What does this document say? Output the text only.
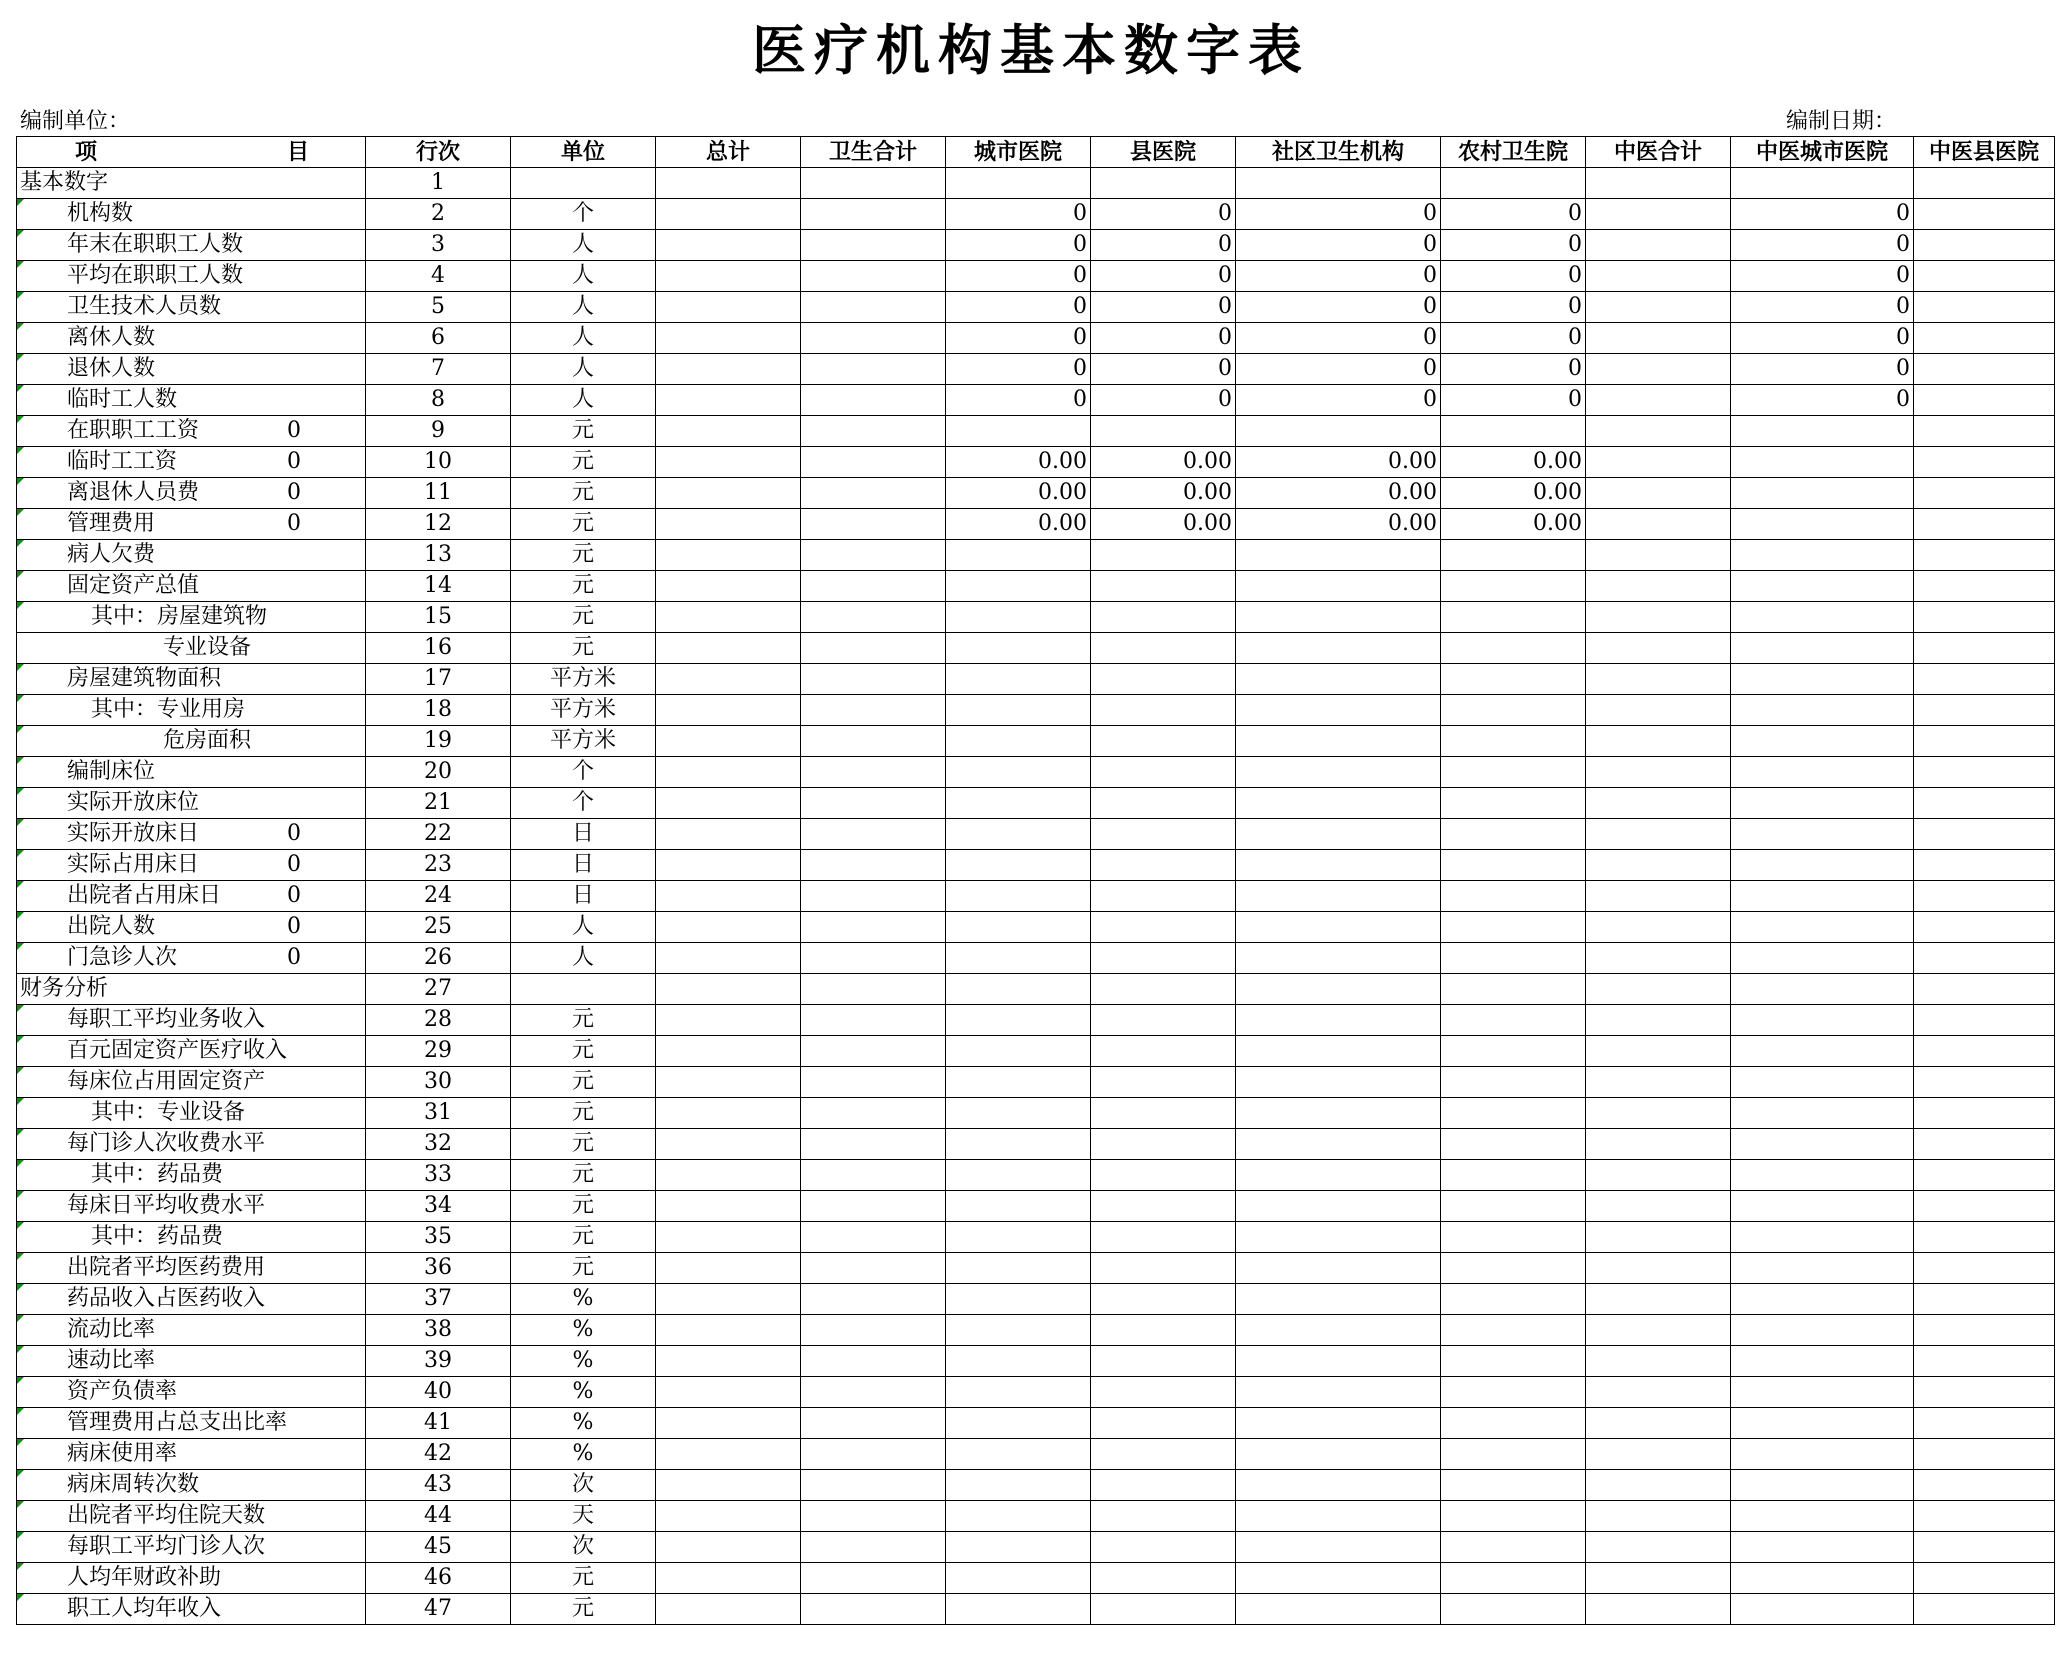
医疗机构基本数字表
编制单位：	编制日期：
项 目	行次	单位	总计	卫生合计	城市医院	县医院	社区卫生机构	农村卫生院	中医合计	中医城市医院	中医县医院
基本数字	1										

机构数	2	个			0	0	0	0		0	

年末在职职工人数	3	人			0	0	0	0		0	

平均在职职工人数	4	人			0	0	0	0		0	

卫生技术人员数	5	人			0	0	0	0		0	

离休人数	6	人			0	0	0	0		0	

退休人数	7	人			0	0	0	0		0	

临时工人数	8	人			0	0	0	0		0	

在职职工工资 0	9	元									

临时工工资 0	10	元			0.00	0.00	0.00	0.00			

离退休人员费 0	11	元			0.00	0.00	0.00	0.00			

管理费用 0	12	元			0.00	0.00	0.00	0.00			

病人欠费	13	元									

固定资产总值	14	元									

其中：房屋建筑物	15	元									
专业设备	16	元									

房屋建筑物面积	17	平方米									

其中：专业用房	18	平方米									

危房面积	19	平方米									

编制床位	20	个									

实际开放床位	21	个									

实际开放床日 0	22	日									

实际占用床日 0	23	日									

出院者占用床日 0	24	日									

出院人数 0	25	人									

门急诊人次 0	26	人									
财务分析	27										

每职工平均业务收入	28	元									

百元固定资产医疗收入	29	元									

每床位占用固定资产	30	元									

其中：专业设备	31	元									

每门诊人次收费水平	32	元									

其中：药品费	33	元									

每床日平均收费水平	34	元									

其中：药品费	35	元									

出院者平均医药费用	36	元									

药品收入占医药收入	37	%									

流动比率	38	%									

速动比率	39	%									

资产负债率	40	%									

管理费用占总支出比率	41	%									

病床使用率	42	%									

病床周转次数	43	次									

出院者平均住院天数	44	天									

每职工平均门诊人次	45	次									

人均年财政补助	46	元									

职工人均年收入	47	元									
